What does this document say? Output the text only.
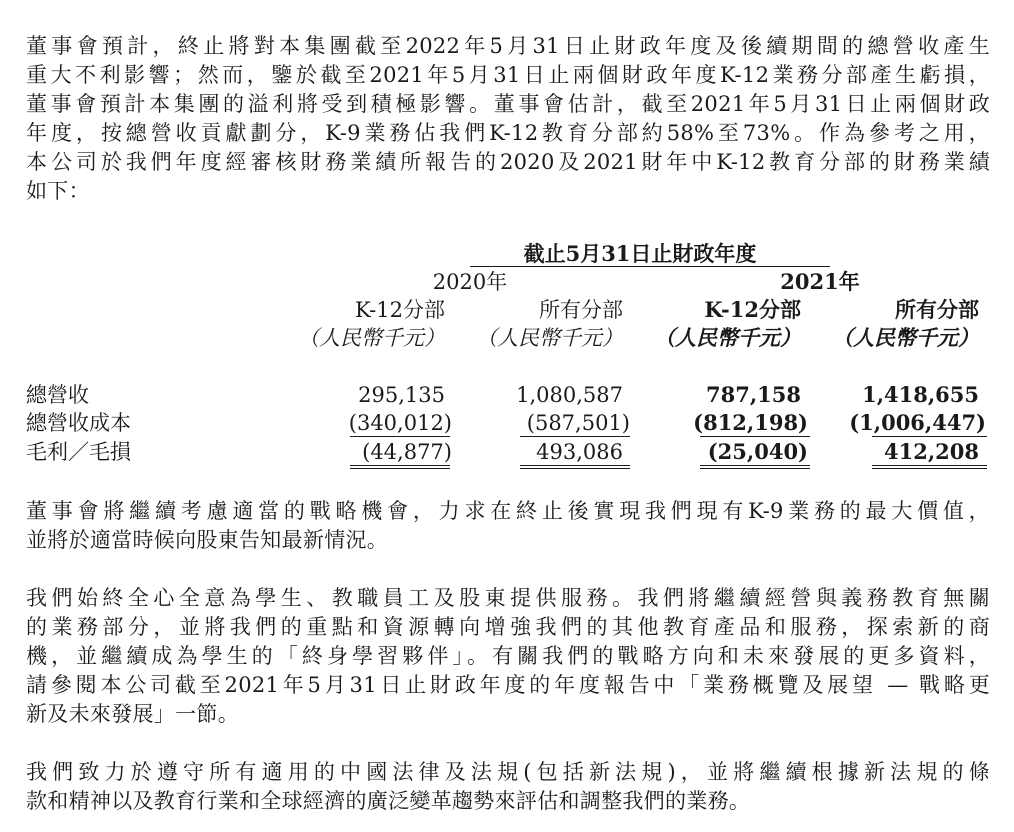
董事會預計，終止將對本集團截至2022年5月31日止財政年度及後續期間的總營收產生
重大不利影響；然而，鑒於截至2021年5月31日止兩個財政年度K-12業務分部產生虧損，
董事會預計本集團的溢利將受到積極影響。董事會估計，截至2021年5月31日止兩個財政
年度，按總營收貢獻劃分，K-9業務佔我們K-12教育分部約58%至73%。作為參考之用，
本公司於我們年度經審核財務業績所報告的2020及2021財年中K-12教育分部的財務業績
如下：
截止5月31日止財政年度
2020年	2021年
K-12分部	所有分部	K-12分部	所有分部
（人民幣千元）	（人民幣千元）	（人民幣千元）	（人民幣千元）
總營收	295,135	1,080,587	787,158	1,418,655
總營收成本	(340,012)	(587,501)	(812,198)	(1,006,447)
毛利／毛損	(44,877)	493,086	(25,040)	412,208
董事會將繼續考慮適當的戰略機會，力求在終止後實現我們現有K-9業務的最大價值，
並將於適當時候向股東告知最新情況。
我們始終全心全意為學生、教職員工及股東提供服務。我們將繼續經營與義務教育無關
的業務部分，並將我們的重點和資源轉向增強我們的其他教育產品和服務，探索新的商
機，並繼續成為學生的「終身學習夥伴」。有關我們的戰略方向和未來發展的更多資料，
請參閱本公司截至2021年5月31日止財政年度的年度報告中「業務概覽及展望 — 戰略更
新及未來發展」一節。
我們致力於遵守所有適用的中國法律及法規(包括新法規)，並將繼續根據新法規的條
款和精神以及教育行業和全球經濟的廣泛變革趨勢來評估和調整我們的業務。
